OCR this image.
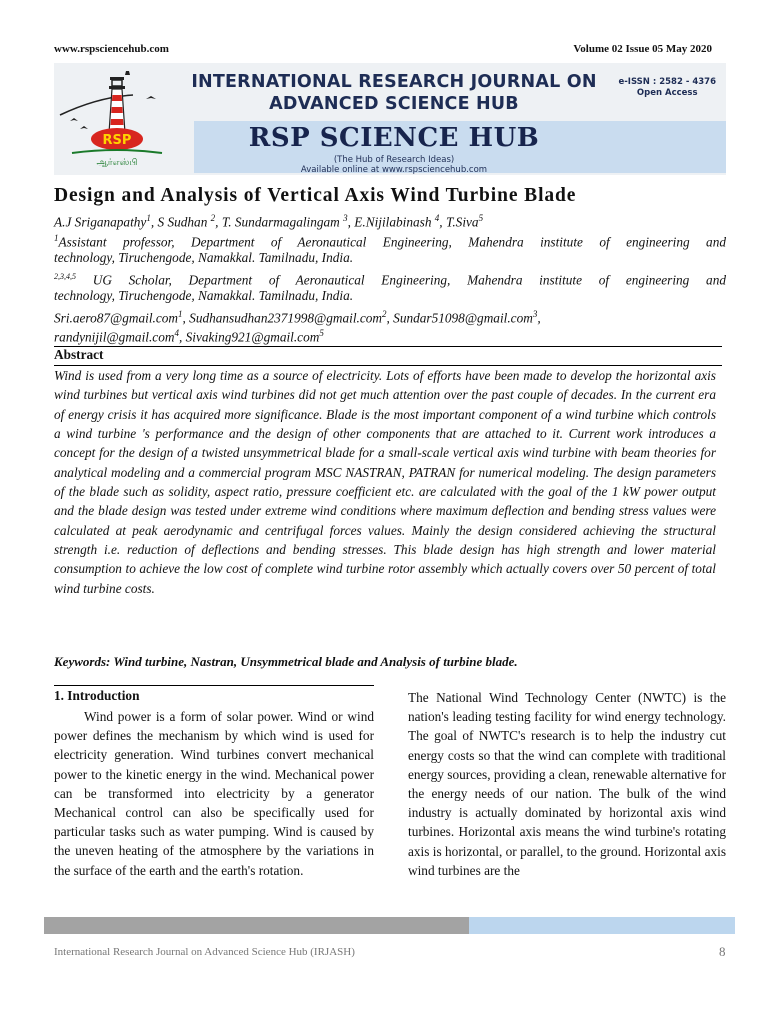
www.rspsciencehub.com	Volume 02 Issue 05 May 2020
RSP
ஆர்எஸ்பி
INTERNATIONAL RESEARCH JOURNAL ON
ADVANCED SCIENCE HUB
e-ISSN : 2582 - 4376
Open Access
RSP SCIENCE HUB
(The Hub of Research Ideas)
Available online at www.rspsciencehub.com
Design and Analysis of Vertical Axis Wind Turbine Blade
A.J Sriganapathy$^1$, S Sudhan $^2$, T. Sundarmagalingam $^3$, E.Nijilabinash $^4$, T.Siva$^5$
$^1$Assistant professor, Department of Aeronautical Engineering, Mahendra institute of engineering and
technology, Tiruchengode, Namakkal. Tamilnadu, India.
$^{2,3,4,5}$ UG Scholar, Department of Aeronautical Engineering, Mahendra institute of engineering and
technology, Tiruchengode, Namakkal. Tamilnadu, India.
Sri.aero87@gmail.com$^1$, Sudhansudhan2371998@gmail.com$^2$, Sundar51098@gmail.com$^3$,
randynijil@gmail.com$^4$, Sivaking921@gmail.com$^5$
Abstract

Wind is used from a very long time as a source of electricity. Lots of efforts have been made to develop the horizontal axis wind turbines but vertical axis wind turbines did not get much attention over the past couple of decades. In the current era of energy crisis it has acquired more significance. Blade is the most important component of a wind turbine which controls a wind turbine 's performance and the design of other components that are attached to it. Current work introduces a concept for the design of a twisted unsymmetrical blade for a small-scale vertical axis wind turbine with beam theories for analytical modeling and a commercial program MSC NASTRAN, PATRAN for numerical modeling. The design parameters of the blade such as solidity, aspect ratio, pressure coefficient etc. are calculated with the goal of the 1 kW power output and the blade design was tested under extreme wind conditions where maximum deflection and bending stress values were calculated at peak aerodynamic and centrifugal forces values. Mainly the design considered achieving the structural strength i.e. reduction of deflections and bending stresses. This blade design has high strength and lower material consumption to achieve the low cost of complete wind turbine rotor assembly which actually covers over 50 percent of total wind turbine costs.

Keywords: Wind turbine, Nastran, Unsymmetrical blade and Analysis of turbine blade.
1. Introduction

Wind power is a form of solar power. Wind or wind power defines the mechanism by which wind is used for electricity generation. Wind turbines convert mechanical power to the kinetic energy in the wind. Mechanical power can be transformed into electricity by a generator Mechanical control can also be specifically used for particular tasks such as water pumping. Wind is caused by the uneven heating of the atmosphere by the variations in the surface of the earth and the earth's rotation.

The National Wind Technology Center (NWTC) is the nation's leading testing facility for wind energy technology. The goal of NWTC's research is to help the industry cut energy costs so that the wind can complete with traditional energy sources, providing a clean, renewable alternative for the energy needs of our nation. The bulk of the wind industry is actually dominated by horizontal axis wind turbines. Horizontal axis means the wind turbine's rotating axis is horizontal, or parallel, to the ground. Horizontal axis wind turbines are the

International Research Journal on Advanced Science Hub (IRJASH)	8
